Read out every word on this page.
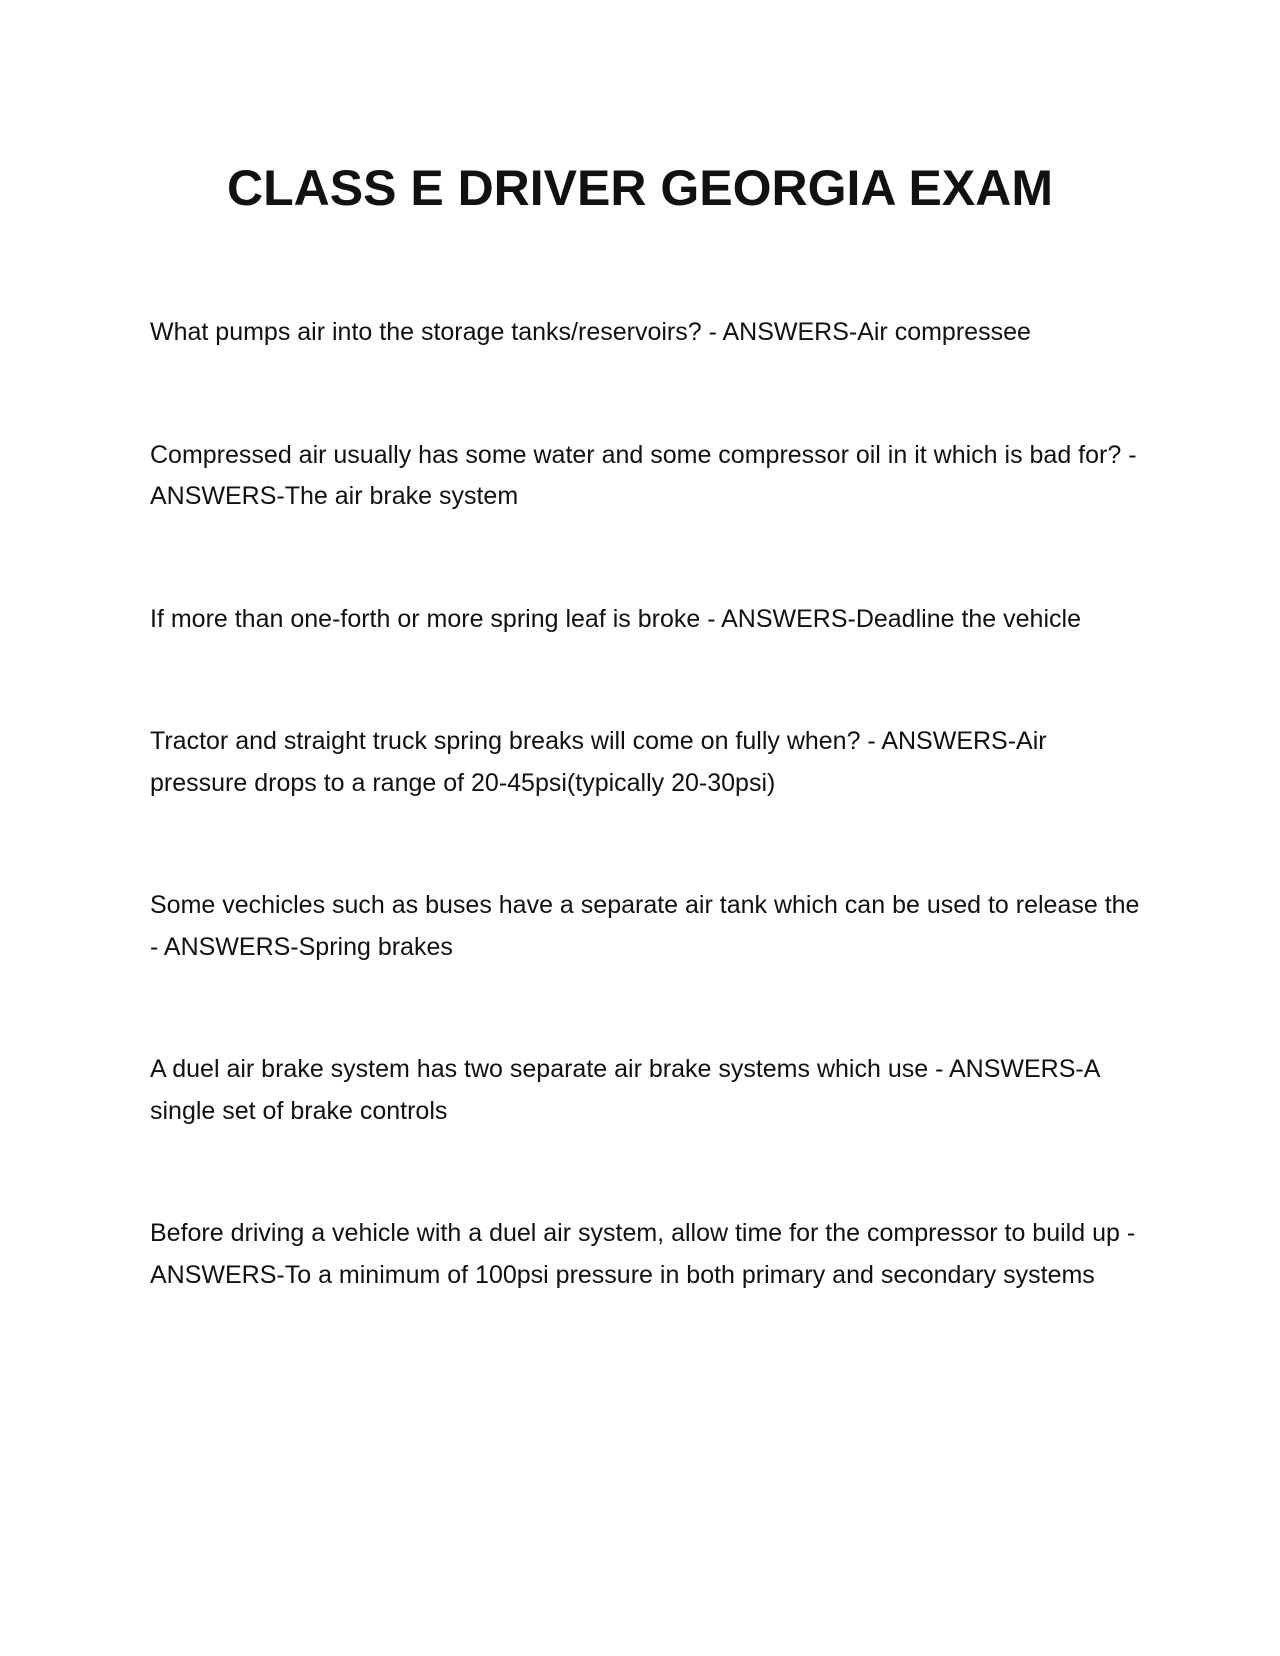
CLASS E DRIVER GEORGIA EXAM

What pumps air into the storage tanks/reservoirs? - ANSWERS-Air compressee

Compressed air usually has some water and some compressor oil in it which is bad for? - ANSWERS-The air brake system

If more than one-forth or more spring leaf is broke - ANSWERS-Deadline the vehicle

Tractor and straight truck spring breaks will come on fully when? - ANSWERS-Air pressure drops to a range of 20-45psi(typically 20-30psi)

Some vechicles such as buses have a separate air tank which can be used to release the - ANSWERS-Spring brakes

A duel air brake system has two separate air brake systems which use - ANSWERS-A single set of brake controls

Before driving a vehicle with a duel air system, allow time for the compressor to build up - ANSWERS-To a minimum of 100psi pressure in both primary and secondary systems
